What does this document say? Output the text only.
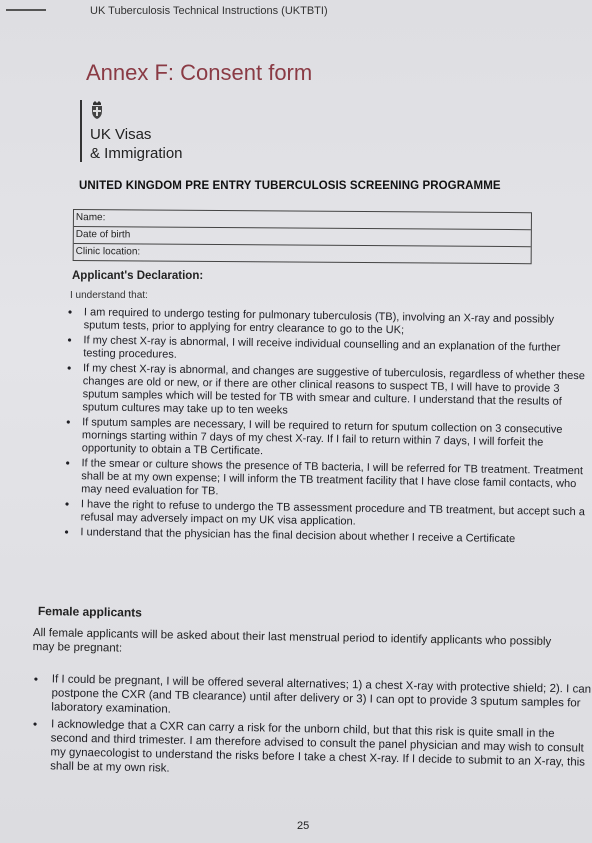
UK Tuberculosis Technical Instructions (UKTBTI)
Annex F: Consent form
UK Visas
& Immigration
UNITED KINGDOM PRE ENTRY TUBERCULOSIS SCREENING PROGRAMME
Name:
Date of birth
Clinic location:
Applicant's Declaration:
I understand that:
• I am required to undergo testing for pulmonary tuberculosis (TB), involving an X-ray and possibly sputum tests, prior to applying for entry clearance to go to the UK;
• If my chest X-ray is abnormal, I will receive individual counselling and an explanation of the further testing procedures.
• If my chest X-ray is abnormal, and changes are suggestive of tuberculosis, regardless of whether these changes are old or new, or if there are other clinical reasons to suspect TB, I will have to provide 3 sputum samples which will be tested for TB with smear and culture. I understand that the results of sputum cultures may take up to ten weeks
• If sputum samples are necessary, I will be required to return for sputum collection on 3 consecutive mornings starting within 7 days of my chest X-ray. If I fail to return within 7 days, I will forfeit the opportunity to obtain a TB Certificate.
• If the smear or culture shows the presence of TB bacteria, I will be referred for TB treatment. Treatment shall be at my own expense; I will inform the TB treatment facility that I have close famil contacts, who may need evaluation for TB.
• I have the right to refuse to undergo the TB assessment procedure and TB treatment, but accept such a refusal may adversely impact on my UK visa application.
• I understand that the physician has the final decision about whether I receive a Certificate
Female applicants
All female applicants will be asked about their last menstrual period to identify applicants who possibly may be pregnant:
• If I could be pregnant, I will be offered several alternatives; 1) a chest X-ray with protective shield; 2). I can postpone the CXR (and TB clearance) until after delivery or 3) I can opt to provide 3 sputum samples for laboratory examination.
• I acknowledge that a CXR can carry a risk for the unborn child, but that this risk is quite small in the second and third trimester. I am therefore advised to consult the panel physician and may wish to consult my gynaecologist to understand the risks before I take a chest X-ray. If I decide to submit to an X-ray, this shall be at my own risk.
25
